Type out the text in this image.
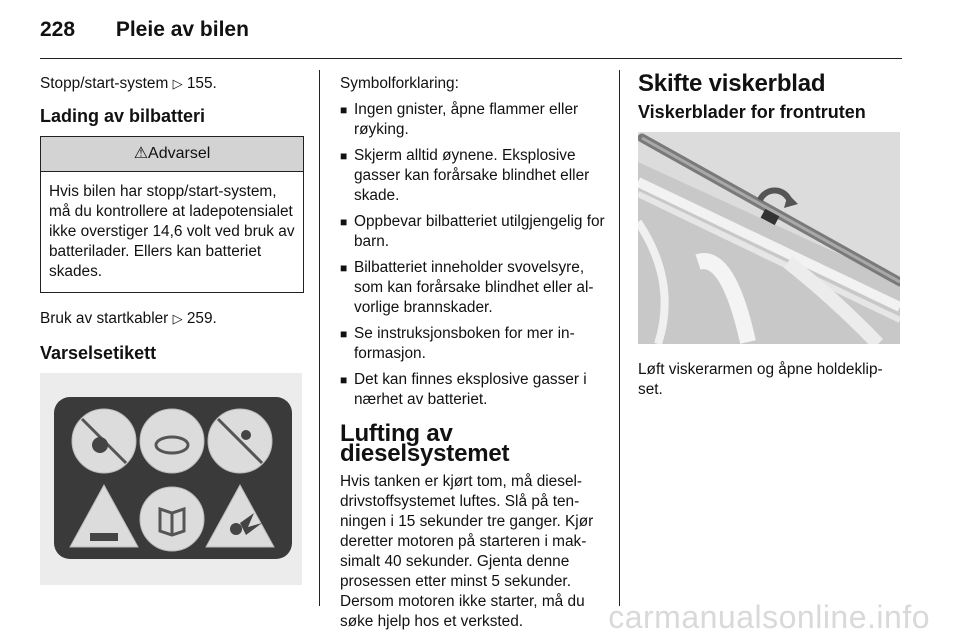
228 Pleie av bilen

Stopp/start-system ▷ 155.

Lading av bilbatteri
⚠Advarsel
Hvis bilen har stopp/start-system, må du kontrollere at ladepotensialet ikke overstiger 14,6 volt ved bruk av batterilader. Ellers kan batteriet skades.

Bruk av startkabler ▷ 259.

Varselsetikett

Symbolforklaring:

■ Ingen gnister, åpne flammer eller røyking.
■ Skjerm alltid øynene. Eksplosive gasser kan forårsake blindhet eller skade.
■ Oppbevar bilbatteriet utilgjengelig for barn.
■ Bilbatteriet inneholder svovelsyre, som kan forårsake blindhet eller alvorlige brannskader.
■ Se instruksjonsboken for mer informasjon.
■ Det kan finnes eksplosive gasser i nærhet av batteriet.
Lufting av dieselsystemet

Hvis tanken er kjørt tom, må dieseldrivstoffsystemet luftes. Slå på tenningen i 15 sekunder tre ganger. Kjør deretter motoren på starteren i maksimalt 40 sekunder. Gjenta denne prosessen etter minst 5 sekunder. Dersom motoren ikke starter, må du søke hjelp hos et verksted.

Skifte viskerblad
Viskerblader for frontruten

Løft viskerarmen og åpne holdeklipset.

carmanualsonline.info
